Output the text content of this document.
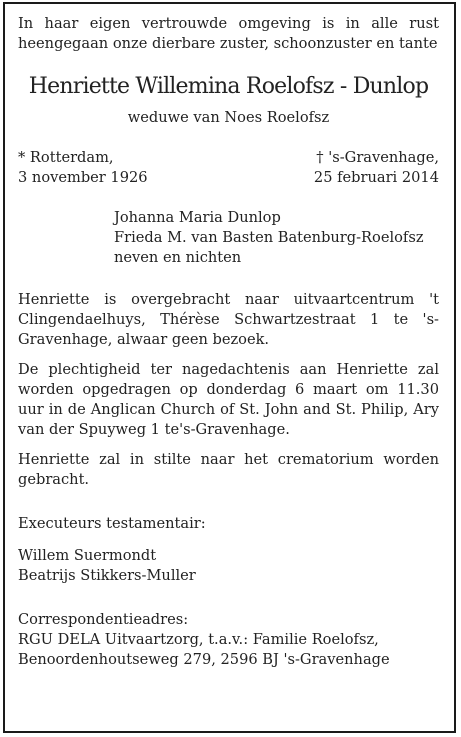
In haar eigen vertrouwde omgeving is in alle rust heengegaan onze dierbare zuster, schoonzuster en tante

Henriette Willemina Roelofsz - Dunlop
weduwe van Noes Roelofsz
* Rotterdam,
3 november 1926
† 's-Gravenhage,
25 februari 2014
Johanna Maria Dunlop
Frieda M. van Basten Batenburg-Roelofsz
neven en nichten

Henriette is overgebracht naar uitvaartcentrum 't Clingendaelhuys, Thérèse Schwartzestraat 1 te 's-Gravenhage, alwaar geen bezoek.

De plechtigheid ter nagedachtenis aan Henriette zal worden opgedragen op donderdag 6 maart om 11.30 uur in de Anglican Church of St. John and St. Philip, Ary van der Spuyweg 1 te's-Gravenhage.

Henriette zal in stilte naar het crematorium worden gebracht.

Executeurs testamentair:
Willem Suermondt
Beatrijs Stikkers-Muller
Correspondentieadres:
RGU DELA Uitvaartzorg, t.a.v.: Familie Roelofsz,
Benoordenhoutseweg 279, 2596 BJ 's-Gravenhage
